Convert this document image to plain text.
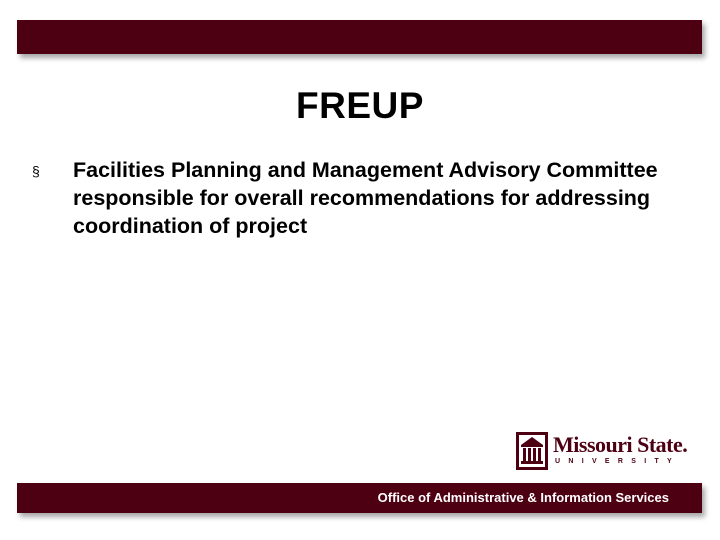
FREUP
§ Facilities Planning and Management Advisory Committee responsible for overall recommendations for addressing coordination of project
Missouri State.
UNIVERSITY
Office of Administrative & Information Services
